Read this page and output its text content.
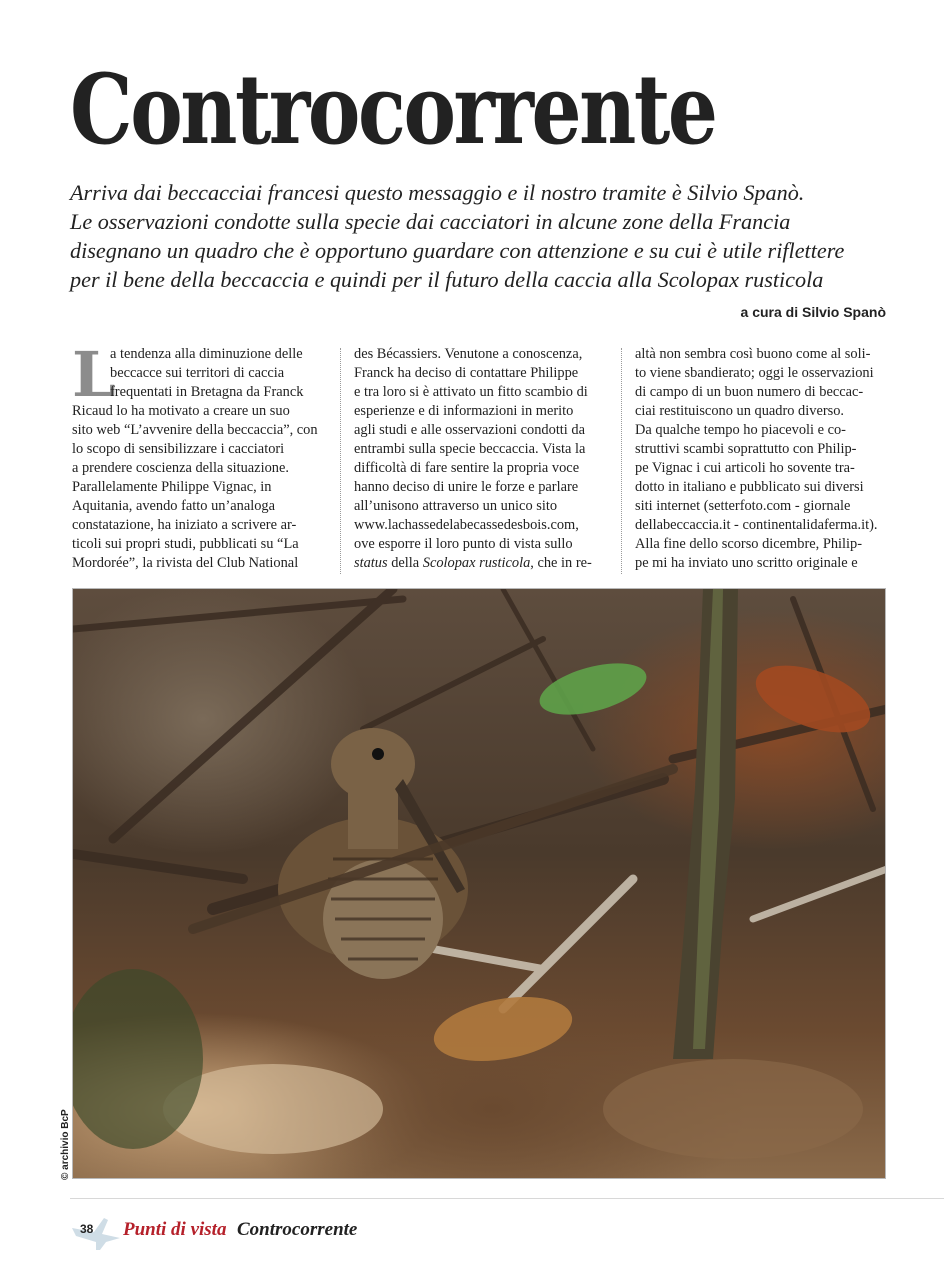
Controcorrente
Arriva dai beccacciai francesi questo messaggio e il nostro tramite è Silvio Spanò.
Le osservazioni condotte sulla specie dai cacciatori in alcune zone della Francia
disegnano un quadro che è opportuno guardare con attenzione e su cui è utile riflettere
per il bene della beccaccia e quindi per il futuro della caccia alla Scolopax rusticola
a cura di Silvio Spanò
L
a tendenza alla diminuzione delle
beccacce sui territori di caccia
frequentati in Bretagna da Franck
Ricaud lo ha motivato a creare un suo
sito web “L’avvenire della beccaccia”, con
lo scopo di sensibilizzare i cacciatori
a prendere coscienza della situazione.
Parallelamente Philippe Vignac, in
Aquitania, avendo fatto un’analoga
constatazione, ha iniziato a scrivere ar-
ticoli sui propri studi, pubblicati su “La
Mordorée”, la rivista del Club National
des Bécassiers. Venutone a conoscenza,
Franck ha deciso di contattare Philippe
e tra loro si è attivato un fitto scambio di
esperienze e di informazioni in merito
agli studi e alle osservazioni condotti da
entrambi sulla specie beccaccia. Vista la
difficoltà di fare sentire la propria voce
hanno deciso di unire le forze e parlare
all’unisono attraverso un unico sito
www.lachassedelabecassedesbois.com,
ove esporre il loro punto di vista sullo
status della Scolopax rusticola, che in re-
altà non sembra così buono come al soli-
to viene sbandierato; oggi le osservazioni
di campo di un buon numero di beccac-
ciai restituiscono un quadro diverso.
Da qualche tempo ho piacevoli e co-
struttivi scambi soprattutto con Philip-
pe Vignac i cui articoli ho sovente tra-
dotto in italiano e pubblicato sui diversi
siti internet (setterfoto.com - giornale
dellabeccaccia.it - continentalidaferma.it).
Alla fine dello scorso dicembre, Philip-
pe mi ha inviato uno scritto originale e
© archivio BcP
38 Punti di vista Controcorrente
